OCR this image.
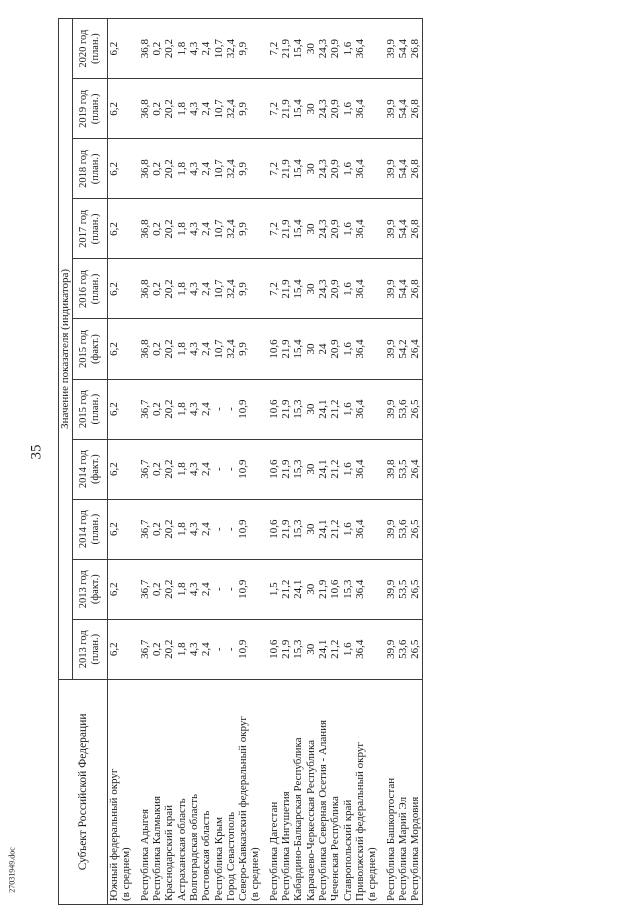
35
27031949.doc	Субъект Российской Федерации	Значение показателя (индикатора)										
	2013 год
(план.)	2013 год
(факт.)	2014 год
(план.)	2014 год
(факт.)	2015 год
(план.)	2015 год
(факт.)	2016 год
(план.)	2017 год
(план.)	2018 год
(план.)	2019 год
(план.)	2020 год
(план.)
Южный федеральный округ
(в среднем)	6,2	6,2	6,2	6,2	6,2	6,2	6,2	6,2	6,2	6,2	6,2

Республика Адыгея	36,7	36,7	36,7	36,7	36,7	36,8	36,8	36,8	36,8	36,8	36,8
Республика Калмыкия	0,2	0,2	0,2	0,2	0,2	0,2	0,2	0,2	0,2	0,2	0,2
Краснодарский край	20,2	20,2	20,2	20,2	20,2	20,2	20,2	20,2	20,2	20,2	20,2
Астраханская область	1,8	1,8	1,8	1,8	1,8	1,8	1,8	1,8	1,8	1,8	1,8
Волгоградская область	4,3	4,3	4,3	4,3	4,3	4,3	4,3	4,3	4,3	4,3	4,3
Ростовская область	2,4	2,4	2,4	2,4	2,4	2,4	2,4	2,4	2,4	2,4	2,4
Республика Крым	-	-	-	-	-	10,7	10,7	10,7	10,7	10,7	10,7
Город Севастополь	-	-	-	-	-	32,4	32,4	32,4	32,4	32,4	32,4
Северо-Кавказский федеральный округ
(в среднем)	10,9	10,9	10,9	10,9	10,9	9,9	9,9	9,9	9,9	9,9	9,9

Республика Дагестан	10,6	1,5	10,6	10,6	10,6	10,6	7,2	7,2	7,2	7,2	7,2
Республика Ингушетия	21,9	21,2	21,9	21,9	21,9	21,9	21,9	21,9	21,9	21,9	21,9
Кабардино-Балкарская Республика	15,3	24,1	15,3	15,3	15,3	15,4	15,4	15,4	15,4	15,4	15,4
Карачаево-Черкесская Республика	30	30	30	30	30	30	30	30	30	30	30
Республика Северная Осетия - Алания	24,1	21,9	24,1	24,1	24,1	24	24,3	24,3	24,3	24,3	24,3
Чеченская Республика	21,2	10,6	21,2	21,2	21,2	20,9	20,9	20,9	20,9	20,9	20,9
Ставропольский край	1,6	15,3	1,6	1,6	1,6	1,6	1,6	1,6	1,6	1,6	1,6
Приволжский федеральный округ
(в среднем)	36,4	36,4	36,4	36,4	36,4	36,4	36,4	36,4	36,4	36,4	36,4

Республика Башкортостан	39,9	39,9	39,9	39,8	39,9	39,9	39,9	39,9	39,9	39,9	39,9
Республика Марий Эл	53,6	53,5	53,6	53,5	53,6	54,2	54,4	54,4	54,4	54,4	54,4
Республика Мордовия	26,5	26,5	26,5	26,4	26,5	26,4	26,8	26,8	26,8	26,8	26,8
